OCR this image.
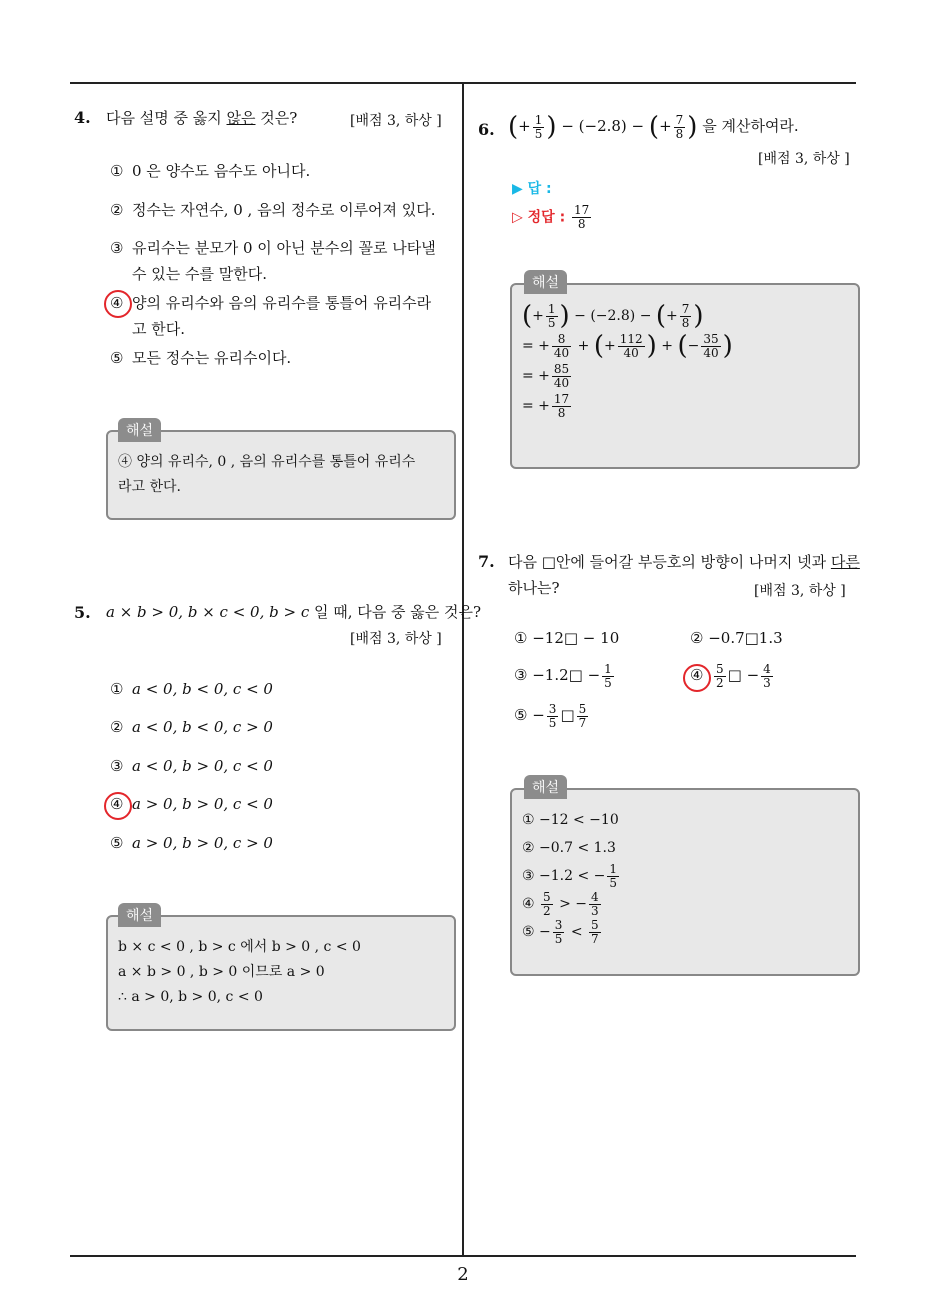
4. 다음 설명 중 옳지 않은 것은?	[배점 3, 하상 ]
① 0 은 양수도 음수도 아니다.
② 정수는 자연수, 0 , 음의 정수로 이루어져 있다.
③ 유리수는 분모가 0 이 아닌 분수의 꼴로 나타낼
수 있는 수를 말한다.
④ 양의 유리수와 음의 유리수를 통틀어 유리수라
고 한다.
⑤ 모든 정수는 유리수이다.
④ 양의 유리수, 0 , 음의 유리수를 통틀어 유리수
라고 한다.
해설
5. a × b > 0, b × c < 0, b > c 일 때, 다음 중 옳은 것은?
[배점 3, 하상 ]
① a < 0, b < 0, c < 0
② a < 0, b < 0, c > 0
③ a < 0, b > 0, c < 0
④ a > 0, b > 0, c < 0
⑤ a > 0, b > 0, c > 0
b × c < 0 , b > c 에서 b > 0 , c < 0
a × b > 0 , b > 0 이므로 a > 0
∴ a > 0, b > 0, c < 0
해설
6. (+ $\frac{1}{5}$ ) − (−2.8) − (+ $\frac{7}{8}$ ) 을 계산하여라.
[배점 3, 하상 ]
▶ 답 :
▷ 정답 : $\frac{17}{8}$
(+ $\frac{1}{5}$ ) − (−2.8) − (+ $\frac{7}{8}$ )
= + $\frac{8}{40}$ + (+ $\frac{112}{40}$ ) + (− $\frac{35}{40}$ )
= + $\frac{85}{40}$
= + $\frac{17}{8}$
해설
7. 다음 □안에 들어갈 부등호의 방향이 나머지 넷과 다른
하나는?	[배점 3, 하상 ]
① −12□ − 10	② −0.7□1.3
③ −1.2□ − $\frac{1}{5}$	④ $\frac{5}{2}$ □ − $\frac{4}{3}$
⑤ − $\frac{3}{5}$ □ $\frac{5}{7}$
① −12 < −10
② −0.7 < 1.3
③ −1.2 < − $\frac{1}{5}$
④ $\frac{5}{2}$ > − $\frac{4}{3}$
⑤ − $\frac{3}{5} < \frac{5}{7}$
해설
2
